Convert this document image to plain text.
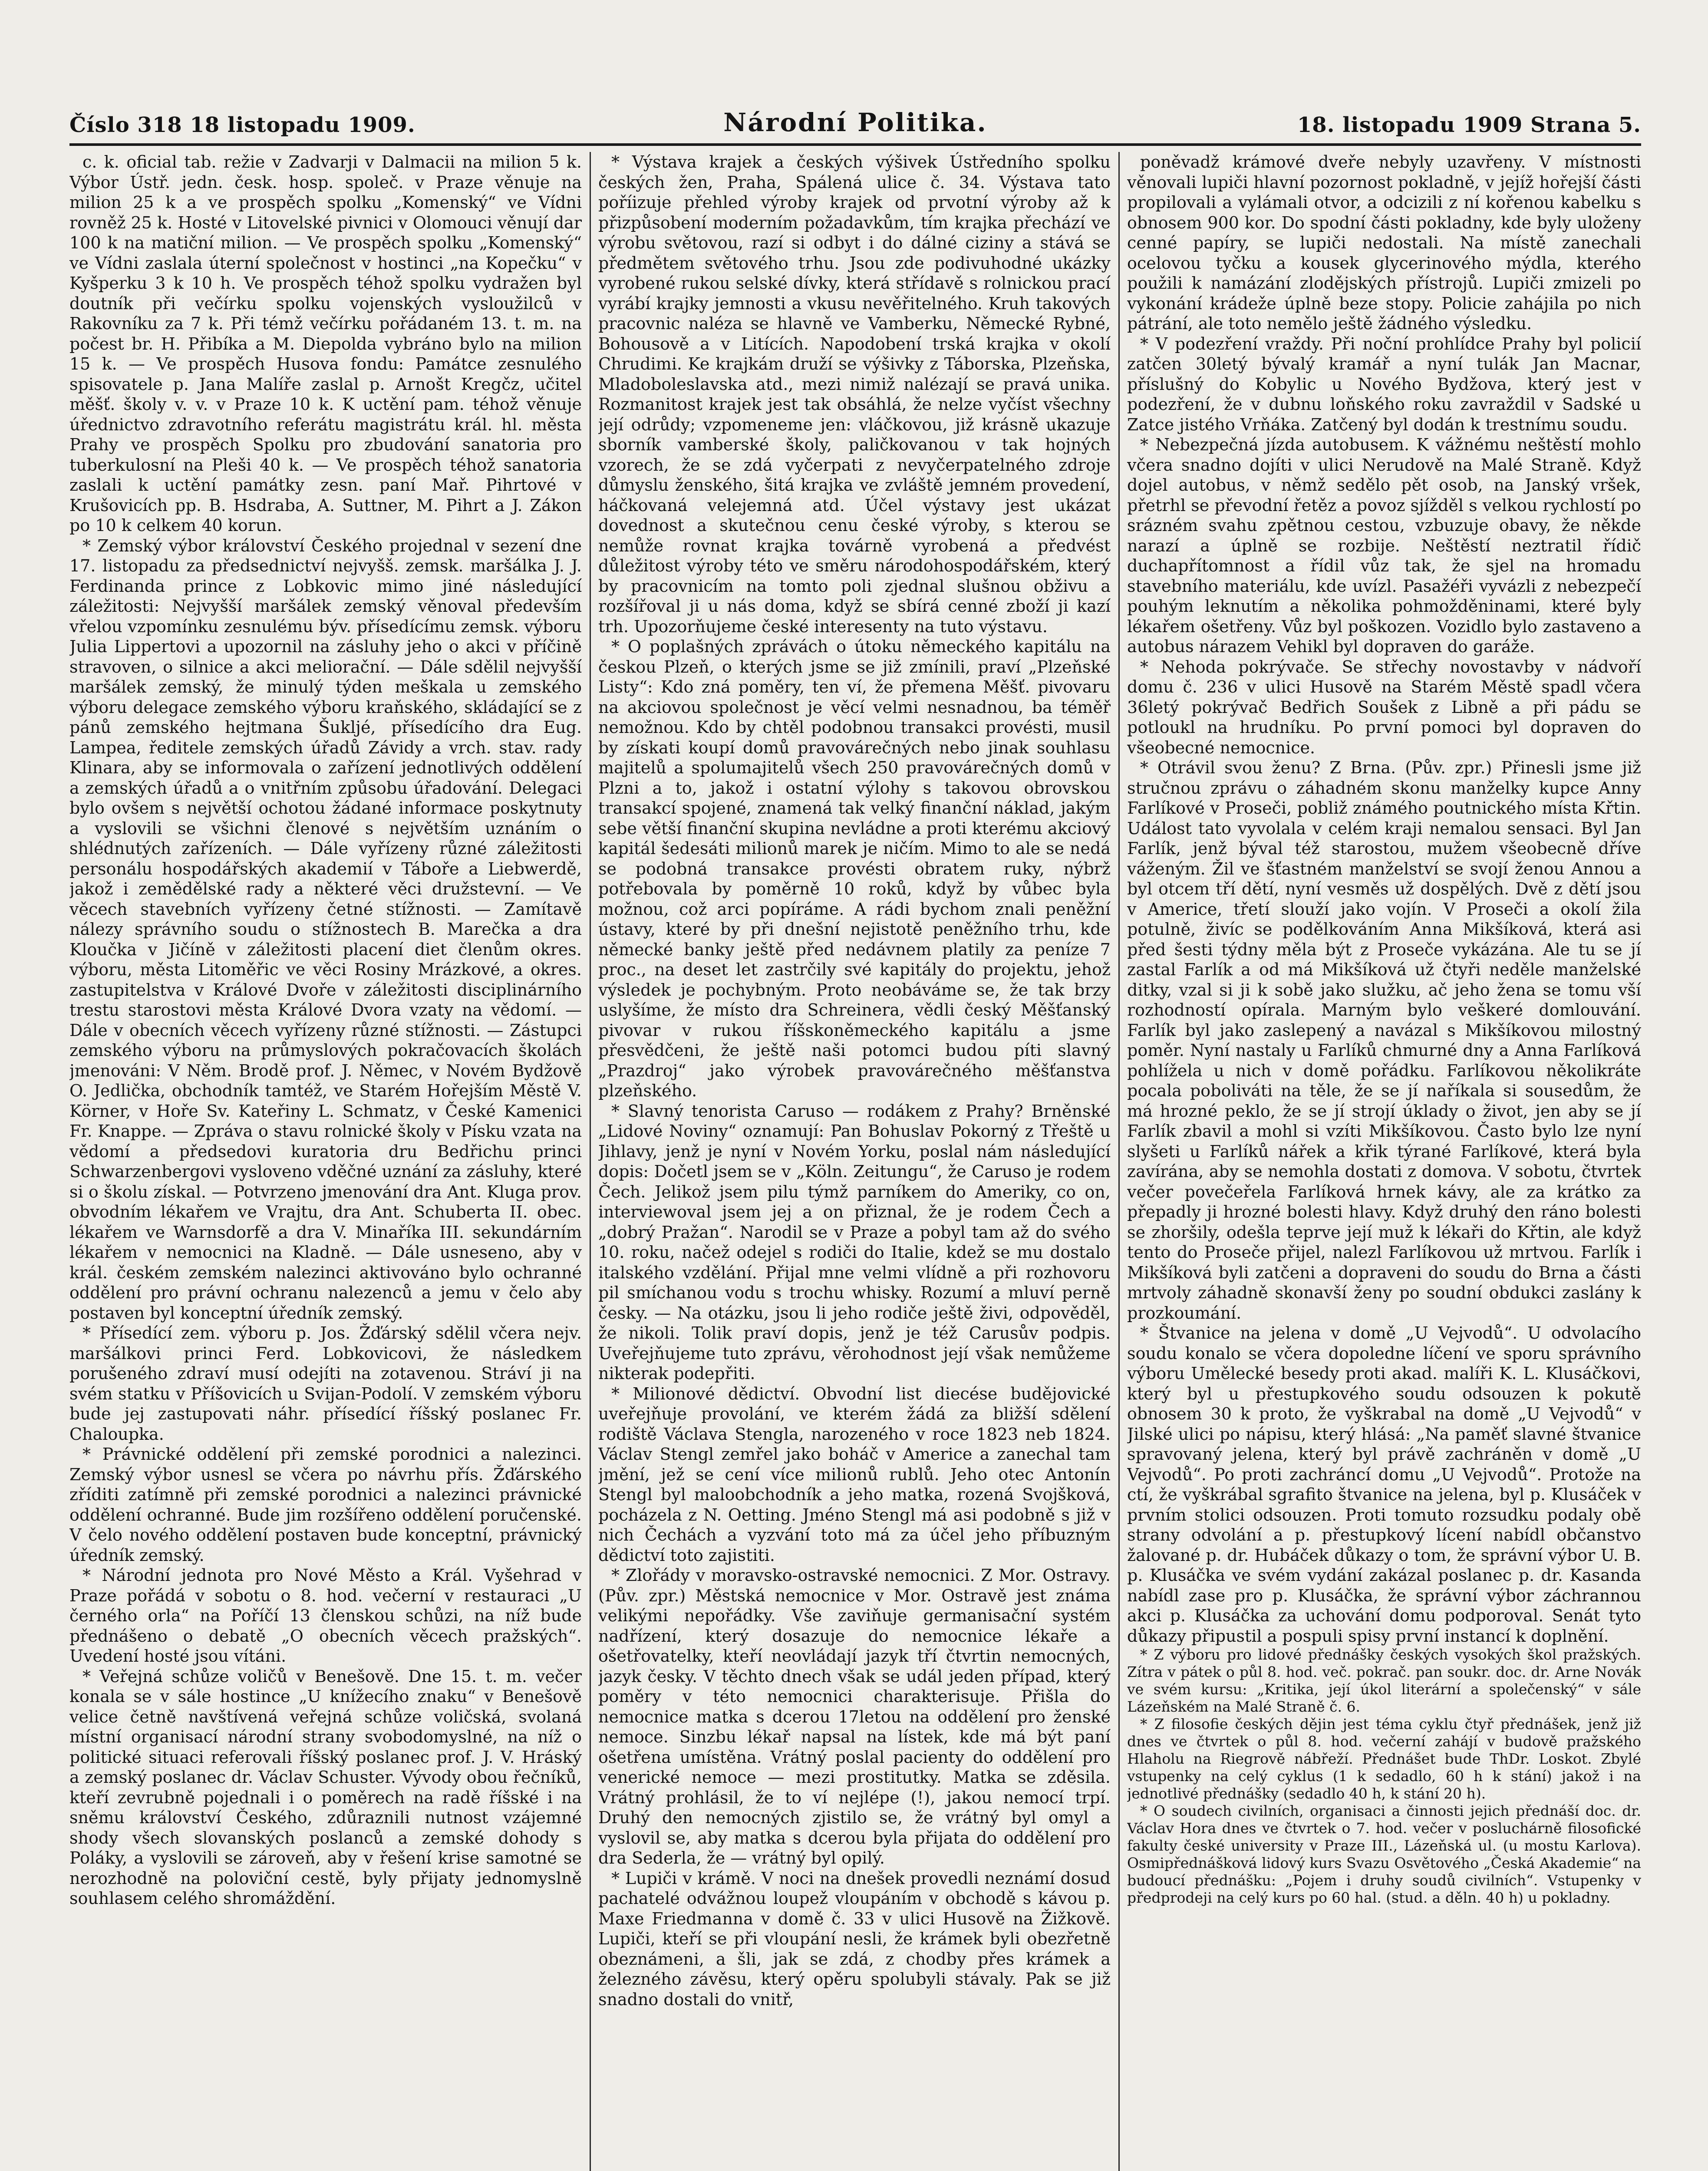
Číslo 318 18 listopadu 1909.	Národní Politika.	18. listopadu 1909 Strana 5.

c. k. oficial tab. režie v Zadvarji v Dalmacii na milion 5 k. Výbor Ústř. jedn. česk. hosp. společ. v Praze věnuje na milion 25 k a ve prospěch spolku „Komenský“ ve Vídni rovněž 25 k. Hosté v Litovelské pivnici v Olomouci věnují dar 100 k na matiční milion. — Ve prospěch spolku „Komenský“ ve Vídni zaslala úterní společnost v hostinci „na Kopečku“ v Kyšperku 3 k 10 h. Ve prospěch téhož spolku vydražen byl doutník při večírku spolku vojenských vysloužilců v Rakovníku za 7 k. Při témž večírku pořádaném 13. t. m. na počest br. H. Přibíka a M. Diepolda vybráno bylo na milion 15 k. — Ve prospěch Husova fondu: Památce zesnulého spisovatele p. Jana Malíře zaslal p. Arnošt Kregčz, učitel měšť. školy v. v. v Praze 10 k. K uctění pam. téhož věnuje úřednictvo zdravotního referátu magistrátu král. hl. města Prahy ve prospěch Spolku pro zbudování sanatoria pro tuberkulosní na Pleši 40 k. — Ve prospěch téhož sanatoria zaslali k uctění památky zesn. paní Mař. Pihrtové v Krušovicích pp. B. Hsdraba, A. Suttner, M. Pihrt a J. Zákon po 10 k celkem 40 korun.

* Zemský výbor království Českého projednal v sezení dne 17. listopadu za předsednictví nejvyšš. zemsk. maršálka J. J. Ferdinanda prince z Lobkovic mimo jiné následující záležitosti: Nejvyšší maršálek zemský věnoval především vřelou vzpomínku zesnulému býv. přísedícímu zemsk. výboru Julia Lippertovi a upozornil na zásluhy jeho o akci v příčině stravoven, o silnice a akci meliorační. — Dále sdělil nejvyšší maršálek zemský, že minulý týden meškala u zemského výboru delegace zemského výboru kraňského, skládající se z pánů zemského hejtmana Šukljé, přísedícího dra Eug. Lampea, ředitele zemských úřadů Závidy a vrch. stav. rady Klinara, aby se informovala o zařízení jednotlivých oddělení a zemských úřadů a o vnitřním způsobu úřadování. Delegaci bylo ovšem s největší ochotou žádané informace poskytnuty a vyslovili se všichni členové s největším uznáním o shlédnutých zařízeních. — Dále vyřízeny různé záležitosti personálu hospodářských akademií v Táboře a Liebwerdě, jakož i zemědělské rady a některé věci družstevní. — Ve věcech stavebních vyřízeny četné stížnosti. — Zamítavě nálezy správního soudu o stížnostech B. Marečka a dra Kloučka v Jičíně v záležitosti placení diet členům okres. výboru, města Litoměřic ve věci Rosiny Mrázkové, a okres. zastupitelstva v Králové Dvoře v záležitosti disciplinárního trestu starostovi města Králové Dvora vzaty na vědomí. — Dále v obecních věcech vyřízeny různé stížnosti. — Zástupci zemského výboru na průmyslových pokračovacích školách jmenováni: V Něm. Brodě prof. J. Němec, v Novém Bydžově O. Jedlička, obchodník tamtéž, ve Starém Hořejším Městě V. Körner, v Hoře Sv. Kateřiny L. Schmatz, v České Kamenici Fr. Knappe. — Zpráva o stavu rolnické školy v Písku vzata na vědomí a předsedovi kuratoria dru Bedřichu princi Schwarzenbergovi vysloveno vděčné uznání za zásluhy, které si o školu získal. — Potvrzeno jmenování dra Ant. Kluga prov. obvodním lékařem ve Vrajtu, dra Ant. Schuberta II. obec. lékařem ve Warnsdorfě a dra V. Minaříka III. sekundárním lékařem v nemocnici na Kladně. — Dále usneseno, aby v král. českém zemském nalezinci aktivováno bylo ochranné oddělení pro právní ochranu nalezenců a jemu v čelo aby postaven byl konceptní úředník zemský.

* Přísedící zem. výboru p. Jos. Žďárský sdělil včera nejv. maršálkovi princi Ferd. Lobkovicovi, že následkem porušeného zdraví musí odejíti na zotavenou. Stráví ji na svém statku v Příšovicích u Svijan-Podolí. V zemském výboru bude jej zastupovati náhr. přísedící říšský poslanec Fr. Chaloupka.

* Právnické oddělení při zemské porodnici a nalezinci. Zemský výbor usnesl se včera po návrhu přís. Žďárského zříditi zatímně při zemské porodnici a nalezinci právnické oddělení ochranné. Bude jim rozšířeno oddělení poručenské. V čelo nového oddělení postaven bude konceptní, právnický úředník zemský.

* Národní jednota pro Nové Město a Král. Vyšehrad v Praze pořádá v sobotu o 8. hod. večerní v restauraci „U černého orla“ na Poříčí 13 členskou schůzi, na níž bude přednášeno o debatě „O obecních věcech pražských“. Uvedení hosté jsou vítáni.

* Veřejná schůze voličů v Benešově. Dne 15. t. m. večer konala se v sále hostince „U knížecího znaku“ v Benešově velice četně navštívená veřejná schůze voličská, svolaná místní organisací národní strany svobodomyslné, na níž o politické situaci referovali říšský poslanec prof. J. V. Hráský a zemský poslanec dr. Václav Schuster. Vývody obou řečníků, kteří zevrubně pojednali i o poměrech na radě říšské i na sněmu království Českého, zdůraznili nutnost vzájemné shody všech slovanských poslanců a zemské dohody s Poláky, a vyslovili se zároveň, aby v řešení krise samotné se nerozhodně na poloviční cestě, byly přijaty jednomyslně souhlasem celého shromáždění.

* Výstava krajek a českých výšivek Ústředního spolku českých žen, Praha, Spálená ulice č. 34. Výstava tato poříizuje přehled výroby krajek od prvotní výroby až k přizpůsobení moderním požadavkům, tím krajka přechází ve výrobu světovou, razí si odbyt i do dálné ciziny a stává se předmětem světového trhu. Jsou zde podivuhodné ukázky vyrobené rukou selské dívky, která střídavě s rolnickou prací vyrábí krajky jemnosti a vkusu nevěřitelného. Kruh takových pracovnic naléza se hlavně ve Vamberku, Německé Rybné, Bohousově a v Litících. Napodobení trská krajka v okolí Chrudimi. Ke krajkám druží se výšivky z Táborska, Plzeňska, Mladoboleslavska atd., mezi nimiž nalézají se pravá unika. Rozmanitost krajek jest tak obsáhlá, že nelze vyčíst všechny její odrůdy; vzpomeneme jen: vláčkovou, již krásně ukazuje sborník vamberské školy, paličkovanou v tak hojných vzorech, že se zdá vyčerpati z nevyčerpatelného zdroje důmyslu ženského, šitá krajka ve zvláště jemném provedení, háčkovaná velejemná atd. Účel výstavy jest ukázat dovednost a skutečnou cenu české výroby, s kterou se nemůže rovnat krajka továrně vyrobená a předvést důležitost výroby této ve směru národohospodářském, který by pracovnicím na tomto poli zjednal slušnou obživu a rozšířoval ji u nás doma, když se sbírá cenné zboží ji kazí trh. Upozorňujeme české interesenty na tuto výstavu.

* O poplašných zprávách o útoku německého kapitálu na českou Plzeň, o kterých jsme se již zmínili, praví „Plzeňské Listy“: Kdo zná poměry, ten ví, že přemena Měšť. pivovaru na akciovou společnost je věcí velmi nesnadnou, ba téměř nemožnou. Kdo by chtěl podobnou transakci provésti, musil by získati koupí domů pravovárečných nebo jinak souhlasu majitelů a spolumajitelů všech 250 pravovárečných domů v Plzni a to, jakož i ostatní výlohy s takovou obrovskou transakcí spojené, znamená tak velký finanční náklad, jakým sebe větší finanční skupina nevládne a proti kterému akciový kapitál šedesáti milionů marek je ničím. Mimo to ale se nedá se podobná transakce provésti obratem ruky, nýbrž potřebovala by poměrně 10 roků, když by vůbec byla možnou, což arci popíráme. A rádi bychom znali peněžní ústavy, které by při dnešní nejistotě peněžního trhu, kde německé banky ještě před nedávnem platily za peníze 7 proc., na deset let zastrčily své kapitály do projektu, jehož výsledek je pochybným. Proto neobáváme se, že tak brzy uslyšíme, že místo dra Schreinera, vědli český Měšťanský pivovar v rukou říšskoněmeckého kapitálu a jsme přesvědčeni, že ještě naši potomci budou píti slavný „Prazdroj“ jako výrobek pravovárečného měšťanstva plzeňského.

* Slavný tenorista Caruso — rodákem z Prahy? Brněnské „Lidové Noviny“ oznamují: Pan Bohuslav Pokorný z Třeště u Jihlavy, jenž je nyní v Novém Yorku, poslal nám následující dopis: Dočetl jsem se v „Köln. Zeitungu“, že Caruso je rodem Čech. Jelikož jsem pilu týmž parníkem do Ameriky, co on, interviewoval jsem jej a on přiznal, že je rodem Čech a „dobrý Pražan“. Narodil se v Praze a pobyl tam až do svého 10. roku, načež odejel s rodiči do Italie, kdež se mu dostalo italského vzdělání. Přijal mne velmi vlídně a při rozhovoru pil smíchanou vodu s trochu whisky. Rozumí a mluví perně česky. — Na otázku, jsou li jeho rodiče ještě živi, odpověděl, že nikoli. Tolik praví dopis, jenž je též Carusův podpis. Uveřejňujeme tuto zprávu, věrohodnost její však nemůžeme nikterak podepřiti.

* Milionové dědictví. Obvodní list diecése budějovické uveřejňuje provolání, ve kterém žádá za bližší sdělení rodiště Václava Stengla, narozeného v roce 1823 neb 1824. Václav Stengl zemřel jako boháč v Americe a zanechal tam jmění, jež se cení více milionů rublů. Jeho otec Antonín Stengl byl maloobchodník a jeho matka, rozená Svojšková, pocházela z N. Oetting. Jméno Stengl má asi podobně s již v nich Čechách a vyzvání toto má za účel jeho příbuzným dědictví toto zajistiti.

* Zlořády v moravsko-ostravské nemocnici. Z Mor. Ostravy. (Pův. zpr.) Městská nemocnice v Mor. Ostravě jest známa velikými nepořádky. Vše zaviňuje germanisační systém nadřízení, který dosazuje do nemocnice lékaře a ošetřovatelky, kteří neovládají jazyk tří čtvrtin nemocných, jazyk česky. V těchto dnech však se udál jeden případ, který poměry v této nemocnici charakterisuje. Přišla do nemocnice matka s dcerou 17letou na oddělení pro ženské nemoce. Sinzbu lékař napsal na lístek, kde má být paní ošetřena umístěna. Vrátný poslal pacienty do oddělení pro venerické nemoce — mezi prostitutky. Matka se zděsila. Vrátný prohlásil, že to ví nejlépe (!), jakou nemocí trpí. Druhý den nemocných zjistilo se, že vrátný byl omyl a vyslovil se, aby matka s dcerou byla přijata do oddělení pro dra Sederla, že — vrátný byl opilý.

* Lupiči v krámě. V noci na dnešek provedli neznámí dosud pachatelé odvážnou loupež vloupáním v obchodě s kávou p. Maxe Friedmanna v domě č. 33 v ulici Husově na Žižkově. Lupiči, kteří se při vloupání nesli, že krámek byli obezřetně obeznámeni, a šli, jak se zdá, z chodby přes krámek a železného závěsu, který opěru spolubyli stávaly. Pak se již snadno dostali do vnitř,

poněvadž krámové dveře nebyly uzavřeny. V místnosti věnovali lupiči hlavní pozornost pokladně, v jejíž hořejší části propilovali a vylámali otvor, a odcizili z ní kořenou kabelku s obnosem 900 kor. Do spodní části pokladny, kde byly uloženy cenné papíry, se lupiči nedostali. Na místě zanechali ocelovou tyčku a kousek glycerinového mýdla, kterého použili k namázání zlodějských přístrojů. Lupiči zmizeli po vykonání krádeže úplně beze stopy. Policie zahájila po nich pátrání, ale toto nemělo ještě žádného výsledku.

* V podezření vraždy. Při noční prohlídce Prahy byl policií zatčen 30letý bývalý kramář a nyní tulák Jan Macnar, příslušný do Kobylic u Nového Bydžova, který jest v podezření, že v dubnu loňského roku zavraždil v Sadské u Zatce jistého Vrňáka. Zatčený byl dodán k trestnímu soudu.

* Nebezpečná jízda autobusem. K vážnému neštěstí mohlo včera snadno dojíti v ulici Nerudově na Malé Straně. Když dojel autobus, v němž sedělo pět osob, na Janský vršek, přetrhl se převodní řetěz a povoz sjížděl s velkou rychlostí po srázném svahu zpětnou cestou, vzbuzuje obavy, že někde narazí a úplně se rozbije. Neštěstí neztratil řídič duchapřítomnost a řídil vůz tak, že sjel na hromadu stavebního materiálu, kde uvízl. Pasažéři vyvázli z nebezpečí pouhým leknutím a několika pohmožděninami, které byly lékařem ošetřeny. Vůz byl poškozen. Vozidlo bylo zastaveno a autobus nárazem Vehikl byl dopraven do garáže.

* Nehoda pokrývače. Se střechy novostavby v nádvoří domu č. 236 v ulici Husově na Starém Městě spadl včera 36letý pokrývač Bedřich Soušek z Libně a při pádu se potloukl na hrudníku. Po první pomoci byl dopraven do všeobecné nemocnice.

* Otrávil svou ženu? Z Brna. (Pův. zpr.) Přinesli jsme již stručnou zprávu o záhadném skonu manželky kupce Anny Farlíkové v Proseči, pobliž známého poutnického místa Křtin. Událost tato vyvolala v celém kraji nemalou sensaci. Byl Jan Farlík, jenž býval též starostou, mužem všeobecně dříve váženým. Žil ve šťastném manželství se svojí ženou Annou a byl otcem tří dětí, nyní vesměs už dospělých. Dvě z dětí jsou v Americe, třetí slouží jako vojín. V Proseči a okolí žila potulně, živíc se podělkováním Anna Mikšíková, která asi před šesti týdny měla být z Proseče vykázána. Ale tu se jí zastal Farlík a od má Mikšíková už čtyři neděle manželské ditky, vzal si ji k sobě jako služku, ač jeho žena se tomu vší rozhodností opírala. Marným bylo veškeré domlouvání. Farlík byl jako zaslepený a navázal s Mikšíkovou milostný poměr. Nyní nastaly u Farlíků chmurné dny a Anna Farlíková pohlížela u nich v domě pořádku. Farlíkovou několikráte pocala poboliváti na těle, že se jí naříkala si sousedům, že má hrozné peklo, že se jí strojí úklady o život, jen aby se jí Farlík zbavil a mohl si vzíti Mikšíkovou. Často bylo lze nyní slyšeti u Farlíků nářek a křik týrané Farlíkové, která byla zavírána, aby se nemohla dostati z domova. V sobotu, čtvrtek večer povečeřela Farlíková hrnek kávy, ale za krátko za přepadly ji hrozné bolesti hlavy. Když druhý den ráno bolesti se zhoršily, odešla teprve její muž k lékaři do Křtin, ale když tento do Proseče přijel, nalezl Farlíkovou už mrtvou. Farlík i Mikšíková byli zatčeni a dopraveni do soudu do Brna a části mrtvoly záhadně skonavší ženy po soudní obdukci zaslány k prozkoumání.

* Štvanice na jelena v domě „U Vejvodů“. U odvolacího soudu konalo se včera dopoledne líčení ve sporu správního výboru Umělecké besedy proti akad. malíři K. L. Klusáčkovi, který byl u přestupkového soudu odsouzen k pokutě obnosem 30 k proto, že vyškrabal na domě „U Vejvodů“ v Jilské ulici po nápisu, který hlásá: „Na paměť slavné štvanice spravovaný jelena, který byl právě zachráněn v domě „U Vejvodů“. Po proti zachráncí domu „U Vejvodů“. Protože na ctí, že vyškrábal sgrafito štvanice na jelena, byl p. Klusáček v prvním stolici odsouzen. Proti tomuto rozsudku podaly obě strany odvolání a p. přestupkový lícení nabídl občanstvo žalované p. dr. Hubáček důkazy o tom, že správní výbor U. B. p. Klusáčka ve svém vydání zakázal poslanec p. dr. Kasanda nabídl zase pro p. Klusáčka, že správní výbor záchrannou akci p. Klusáčka za uchování domu podporoval. Senát tyto důkazy připustil a pospuli spisy první instancí k doplnění.

* Z výboru pro lidové přednášky českých vysokých škol pražských. Zítra v pátek o půl 8. hod. več. pokrač. pan soukr. doc. dr. Arne Novák ve svém kursu: „Kritika, její úkol literární a společenský“ v sále Lázeňském na Malé Straně č. 6.

* Z filosofie českých dějin jest téma cyklu čtyř přednášek, jenž již dnes ve čtvrtek o půl 8. hod. večerní zahájí v budově pražského Hlaholu na Riegrově nábřeží. Přednášet bude ThDr. Loskot. Zbylé vstupenky na celý cyklus (1 k sedadlo, 60 h k stání) jakož i na jednotlivé přednášky (sedadlo 40 h, k stání 20 h).

* O soudech civilních, organisaci a činnosti jejich přednáší doc. dr. Václav Hora dnes ve čtvrtek o 7. hod. večer v posluchárně filosofické fakulty české university v Praze III., Lázeňská ul. (u mostu Karlova). Osmipřednášková lidový kurs Svazu Osvětového „Česká Akademie“ na budoucí přednášku: „Pojem i druhy soudů civilních“. Vstupenky v předprodeji na celý kurs po 60 hal. (stud. a děln. 40 h) u pokladny.
